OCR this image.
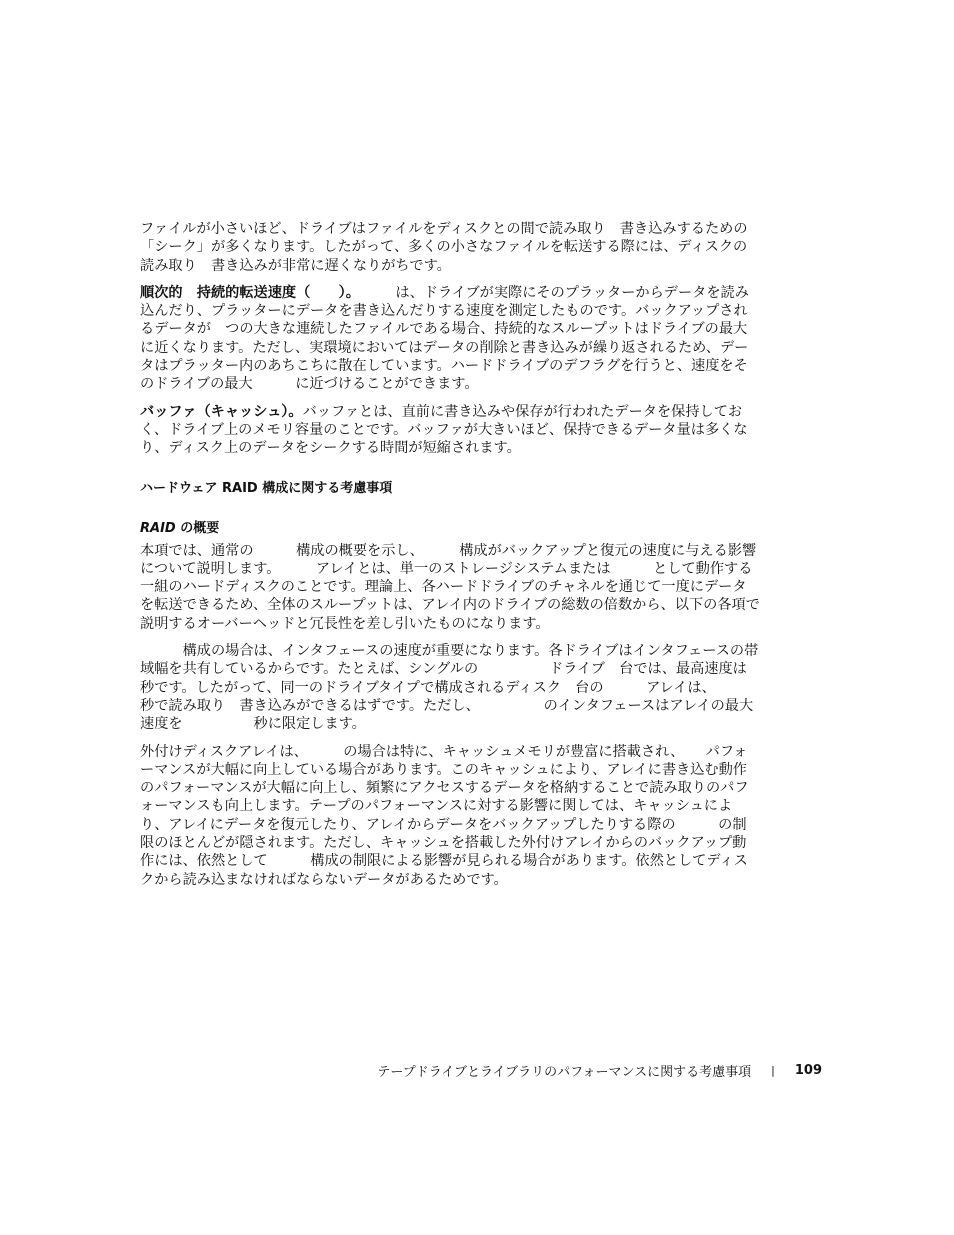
ファイルが小さいほど、ドライブはファイルをディスクとの間で読み取り　書き込みするための「シーク」が多くなります。したがって、多くの小さなファイルを転送する際には、ディスクの読み取り　書き込みが非常に遅くなりがちです。

順次的　持続的転送速度（　　）。　　　は、ドライブが実際にそのプラッターからデータを読み込んだり、プラッターにデータを書き込んだりする速度を測定したものです。バックアップされるデータが　つの大きな連続したファイルである場合、持続的なスループットはドライブの最大　　　に近くなります。ただし、実環境においてはデータの削除と書き込みが繰り返されるため、データはプラッター内のあちこちに散在しています。ハードドライブのデフラグを行うと、速度をそのドライブの最大　　　に近づけることができます。

バッファ（キャッシュ）。バッファとは、直前に書き込みや保存が行われたデータを保持しておく、ドライブ上のメモリ容量のことです。バッファが大きいほど、保持できるデータ量は多くなり、ディスク上のデータをシークする時間が短縮されます。

ハードウェア RAID 構成に関する考慮事項
RAID の概要

本項では、通常の　　　構成の概要を示し、　　　構成がバックアップと復元の速度に与える影響について説明します。　　　アレイとは、単一のストレージシステムまたは　　　として動作する一組のハードディスクのことです。理論上、各ハードドライブのチャネルを通じて一度にデータを転送できるため、全体のスループットは、アレイ内のドライブの総数の倍数から、以下の各項で説明するオーバーヘッドと冗長性を差し引いたものになります。

　　　構成の場合は、インタフェースの速度が重要になります。各ドライブはインタフェースの帯域幅を共有しているからです。たとえば、シングルの　　　　　ドライブ　台では、最高速度は　　　　秒です。したがって、同一のドライブタイプで構成されるディスク　台の　　　アレイは、　　　　　秒で読み取り　書き込みができるはずです。ただし、　　　　　のインタフェースはアレイの最大速度を　　　　　秒に限定します。

外付けディスクアレイは、　　　の場合は特に、キャッシュメモリが豊富に搭載され、　　パフォーマンスが大幅に向上している場合があります。このキャッシュにより、アレイに書き込む動作のパフォーマンスが大幅に向上し、頻繁にアクセスするデータを格納することで読み取りのパフォーマンスも向上します。テープのパフォーマンスに対する影響に関しては、キャッシュにより、アレイにデータを復元したり、アレイからデータをバックアップしたりする際の　　　の制限のほとんどが隠されます。ただし、キャッシュを搭載した外付けアレイからのバックアップ動作には、依然として　　　構成の制限による影響が見られる場合があります。依然としてディスクから読み込まなければならないデータがあるためです。

テープドライブとライブラリのパフォーマンスに関する考慮事項 | 109
